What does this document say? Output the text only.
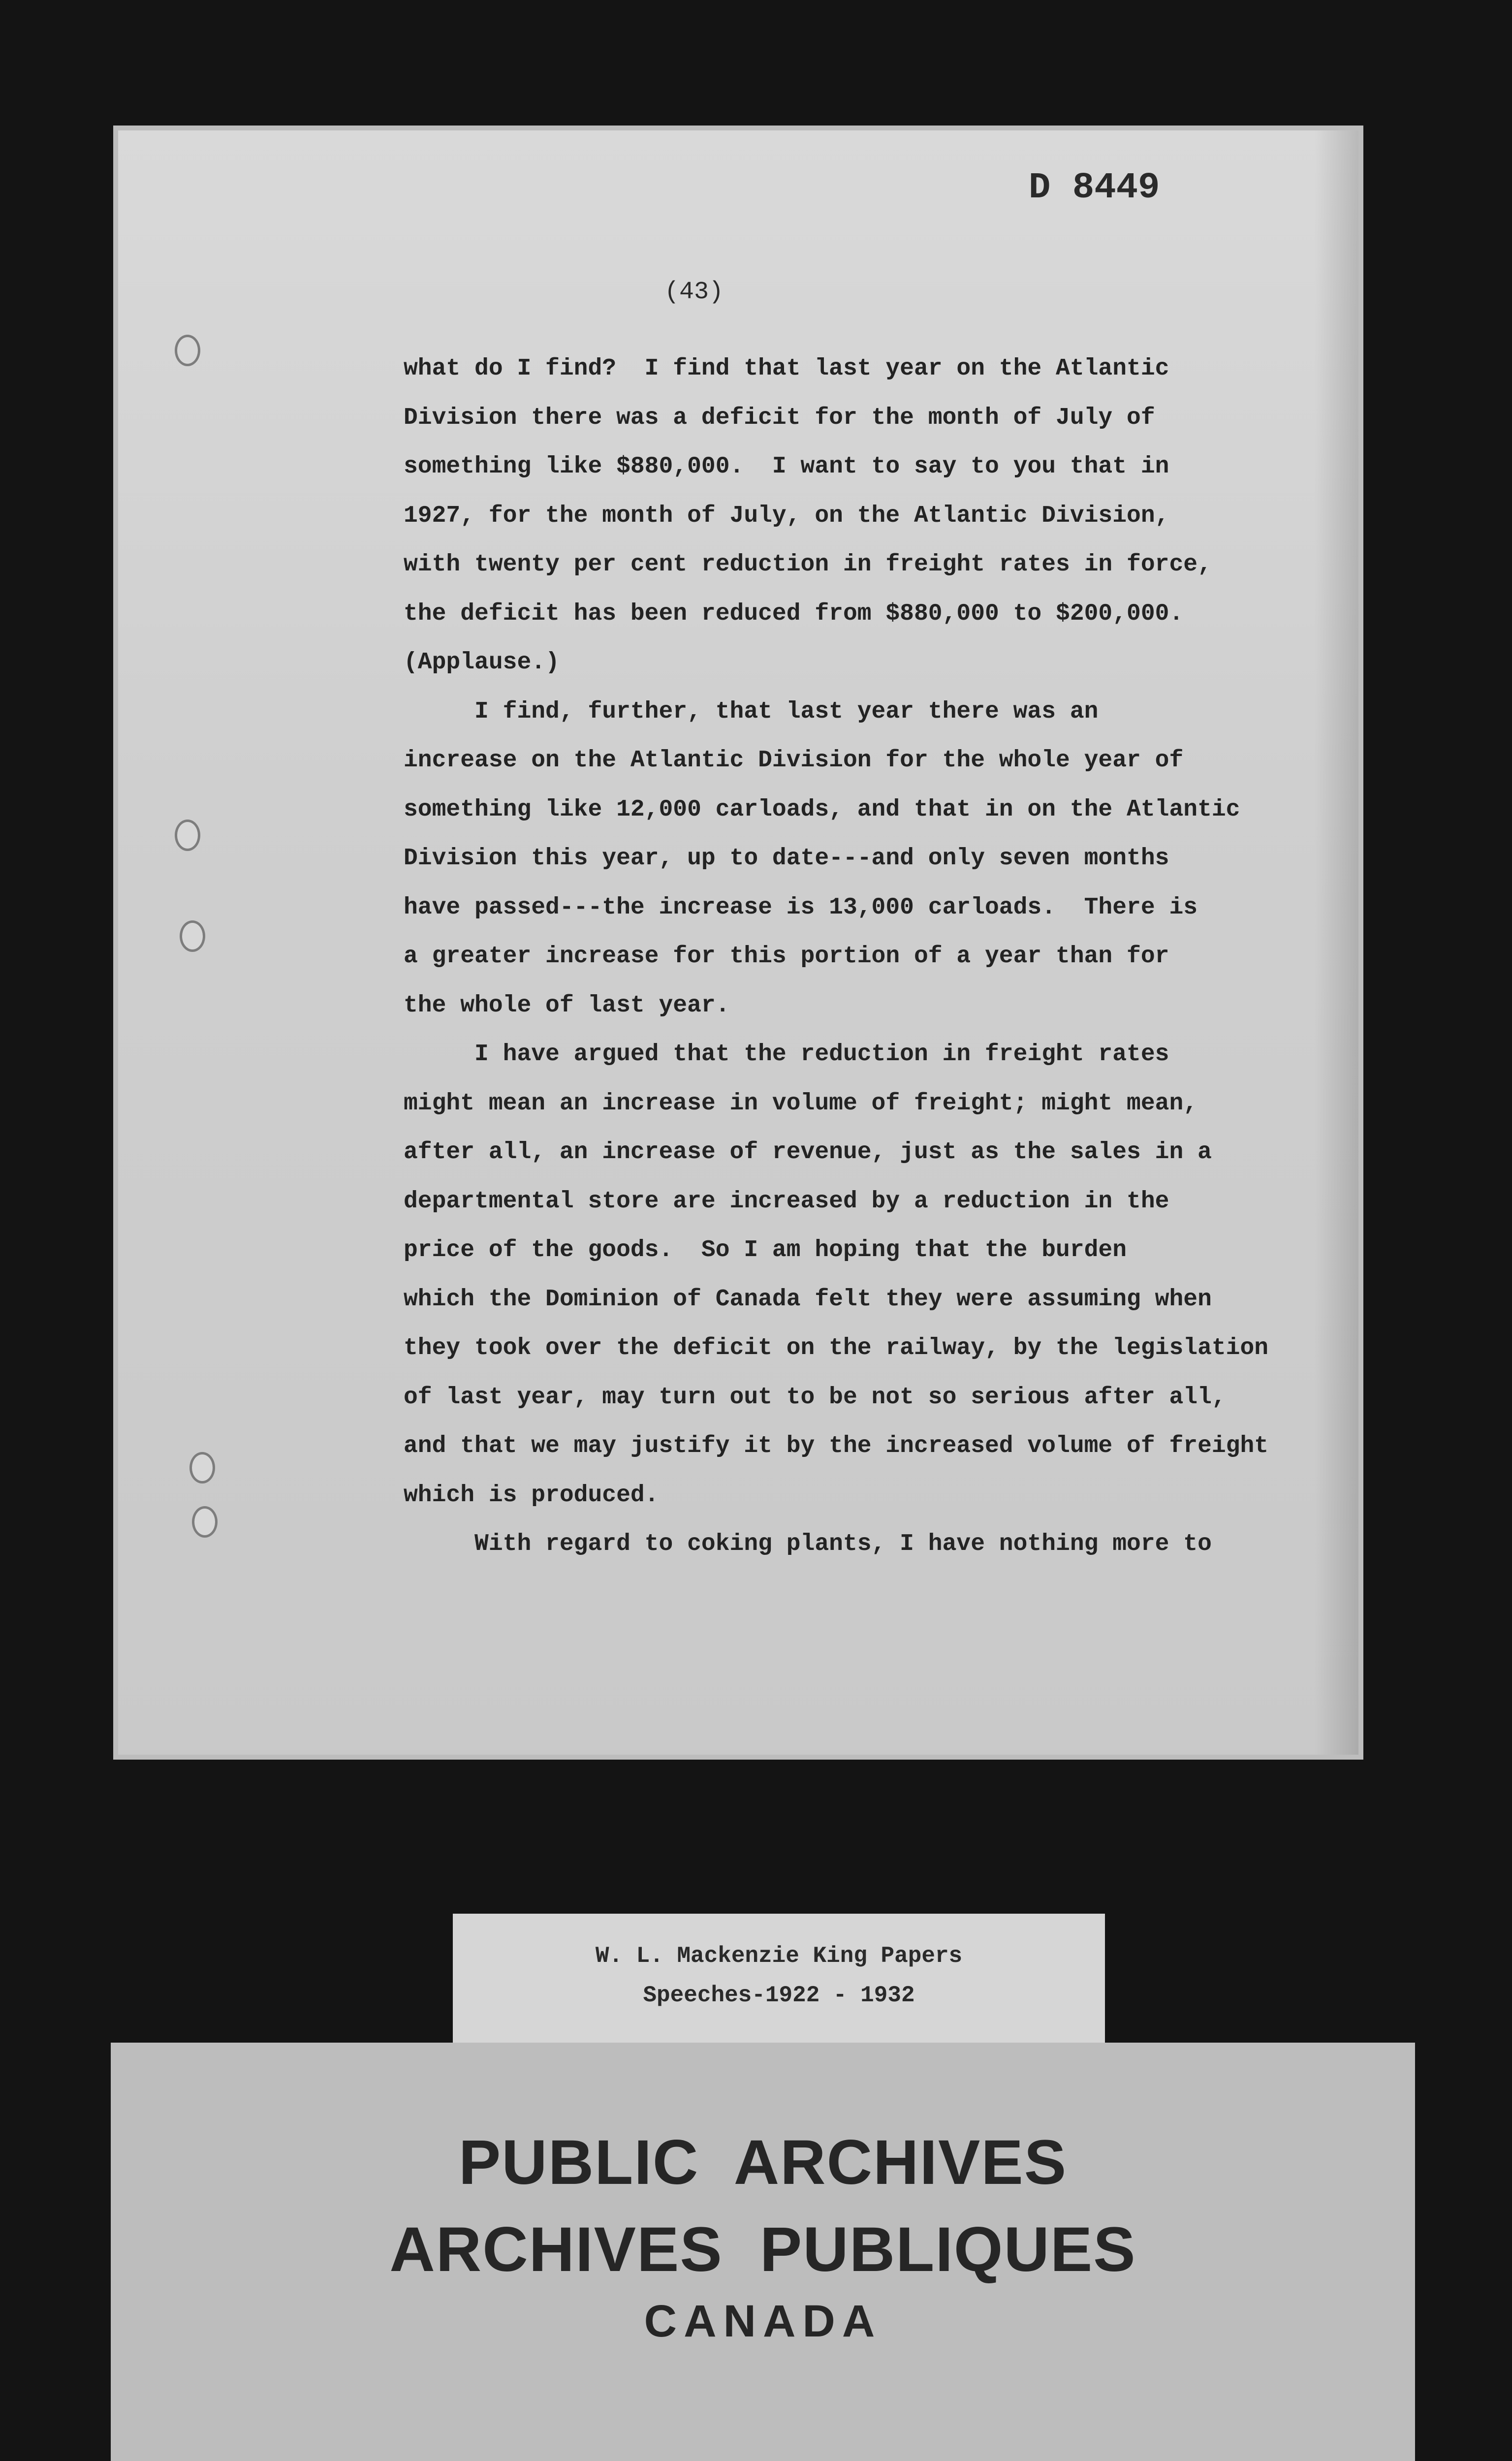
D 8449
(43)
what do I find?  I find that last year on the Atlantic
Division there was a deficit for the month of July of
something like $880,000.  I want to say to you that in
1927, for the month of July, on the Atlantic Division,
with twenty per cent reduction in freight rates in force,
the deficit has been reduced from $880,000 to $200,000.
(Applause.)
I find, further, that last year there was an
increase on the Atlantic Division for the whole year of
something like 12,000 carloads, and that in on the Atlantic
Division this year, up to date---and only seven months
have passed---the increase is 13,000 carloads.  There is
a greater increase for this portion of a year than for
the whole of last year.
I have argued that the reduction in freight rates
might mean an increase in volume of freight; might mean,
after all, an increase of revenue, just as the sales in a
departmental store are increased by a reduction in the
price of the goods.  So I am hoping that the burden
which the Dominion of Canada felt they were assuming when
they took over the deficit on the railway, by the legislation
of last year, may turn out to be not so serious after all,
and that we may justify it by the increased volume of freight
which is produced.
With regard to coking plants, I have nothing more to
W. L. Mackenzie King Papers
Speeches-1922 - 1932
PUBLIC  ARCHIVES
ARCHIVES  PUBLIQUES
CANADA
